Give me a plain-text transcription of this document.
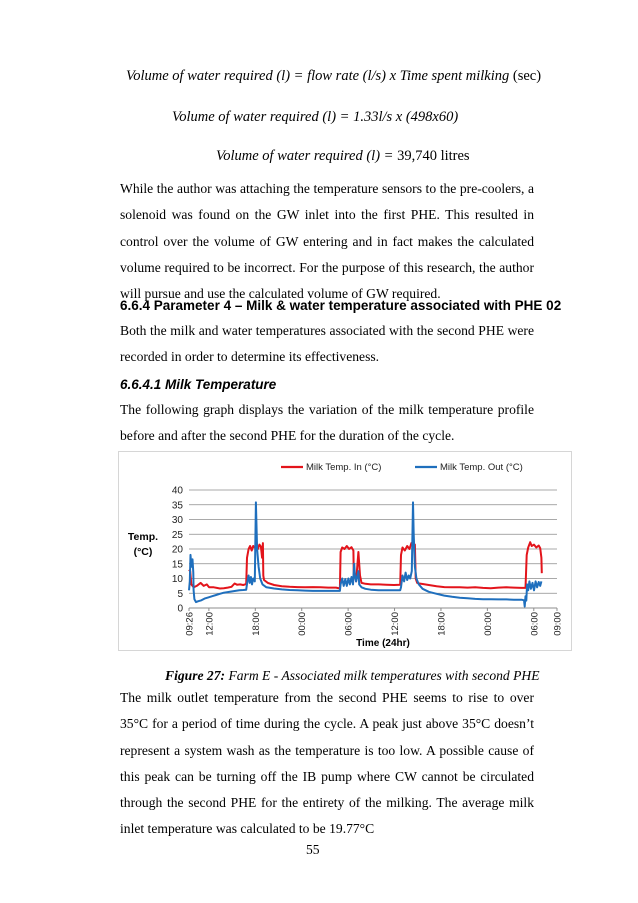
Volume of water required (l) = flow rate (l/s) x Time spent milking (sec)
Volume of water required (l) = 1.33l/s x (498x60)
Volume of water required (l) = 39,740 litres
While the author was attaching the temperature sensors to the pre-coolers, a solenoid was found on the GW inlet into the first PHE. This resulted in control over the volume of GW entering and in fact makes the calculated volume required to be incorrect. For the purpose of this research, the author will pursue and use the calculated volume of GW required.
6.6.4 Parameter 4 – Milk & water temperature associated with PHE 02
Both the milk and water temperatures associated with the second PHE were recorded in order to determine its effectiveness.
6.6.4.1 Milk Temperature
The following graph displays the variation of the milk temperature profile before and after the second PHE for the duration of the cycle.
0
5
10
15
20
25
30
35
40
09:26 12:00	18:00	00:00	06:00	12:00	18:00	00:00	06:00 09:00
Milk Temp. In (°C)	Milk Temp. Out (°C)
Temp.
(°C)
Time (24hr)
Figure 27: Farm E - Associated milk temperatures with second PHE
The milk outlet temperature from the second PHE seems to rise to over 35°C for a period of time during the cycle. A peak just above 35°C doesn’t represent a system wash as the temperature is too low. A possible cause of this peak can be turning off the IB pump where CW cannot be circulated through the second PHE for the entirety of the milking. The average milk inlet temperature was calculated to be 19.77°C
55
